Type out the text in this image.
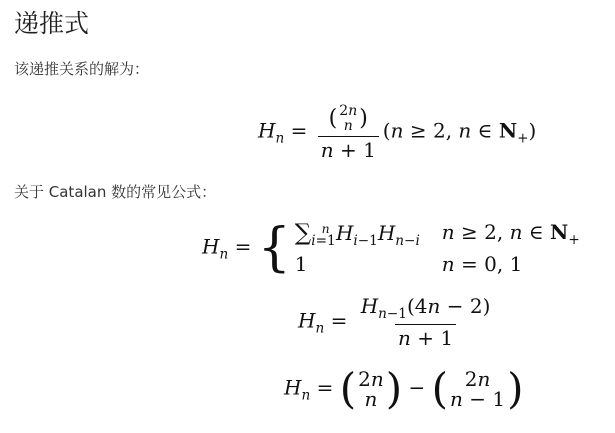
递推式

该递推关系的解为：

$H_n$ = ( 2n
n )
n + 1 (n ≥ 2, n ∈ $N_+$)

关于 Catalan 数的常见公式：

$H_n$ = { $\sum_{i=1}^n$ $H_{i-1}H_{n-i}$ n ≥ 2, n ∈ $N_+$
1	n = 0, 1
$H_n = \frac{H_{n-1}(4n - 2)}{n + 1}$
$H_n$ = ( 2n
n ) − ( 2n
n − 1 )
